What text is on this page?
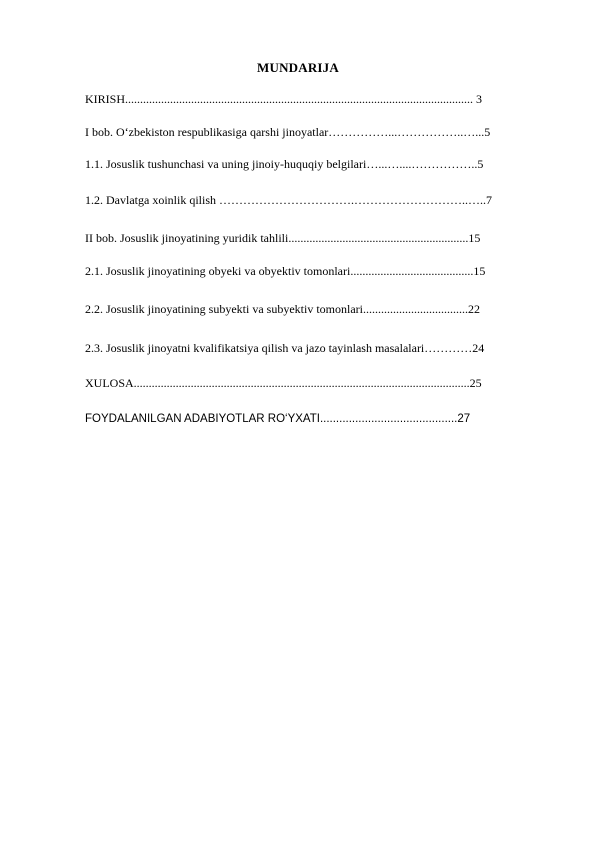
MUNDARIJA
KIRISH.................................................................................................................... 3
I bob. O‘zbekiston respublikasiga qarshi jinoyatlar……………...……………..…...5
1.1. Josuslik tushunchasi va uning jinoiy-huquqiy belgilari…...…....……………..5
1.2. Davlatga xoinlik qilish …………………………….………………………..…..7
II bob. Josuslik jinoyatining yuridik tahlili............................................................15
2.1. Josuslik jinoyatining obyeki va obyektiv tomonlari.........................................15
2.2. Josuslik jinoyatining subyekti va subyektiv tomonlari...................................22
2.3. Josuslik jinoyatni kvalifikatsiya qilish va jazo tayinlash masalalari…………24
XULOSA................................................................................................................25
FOYDALANILGAN ADABIYOTLAR RO‘YXATI...........................................27
